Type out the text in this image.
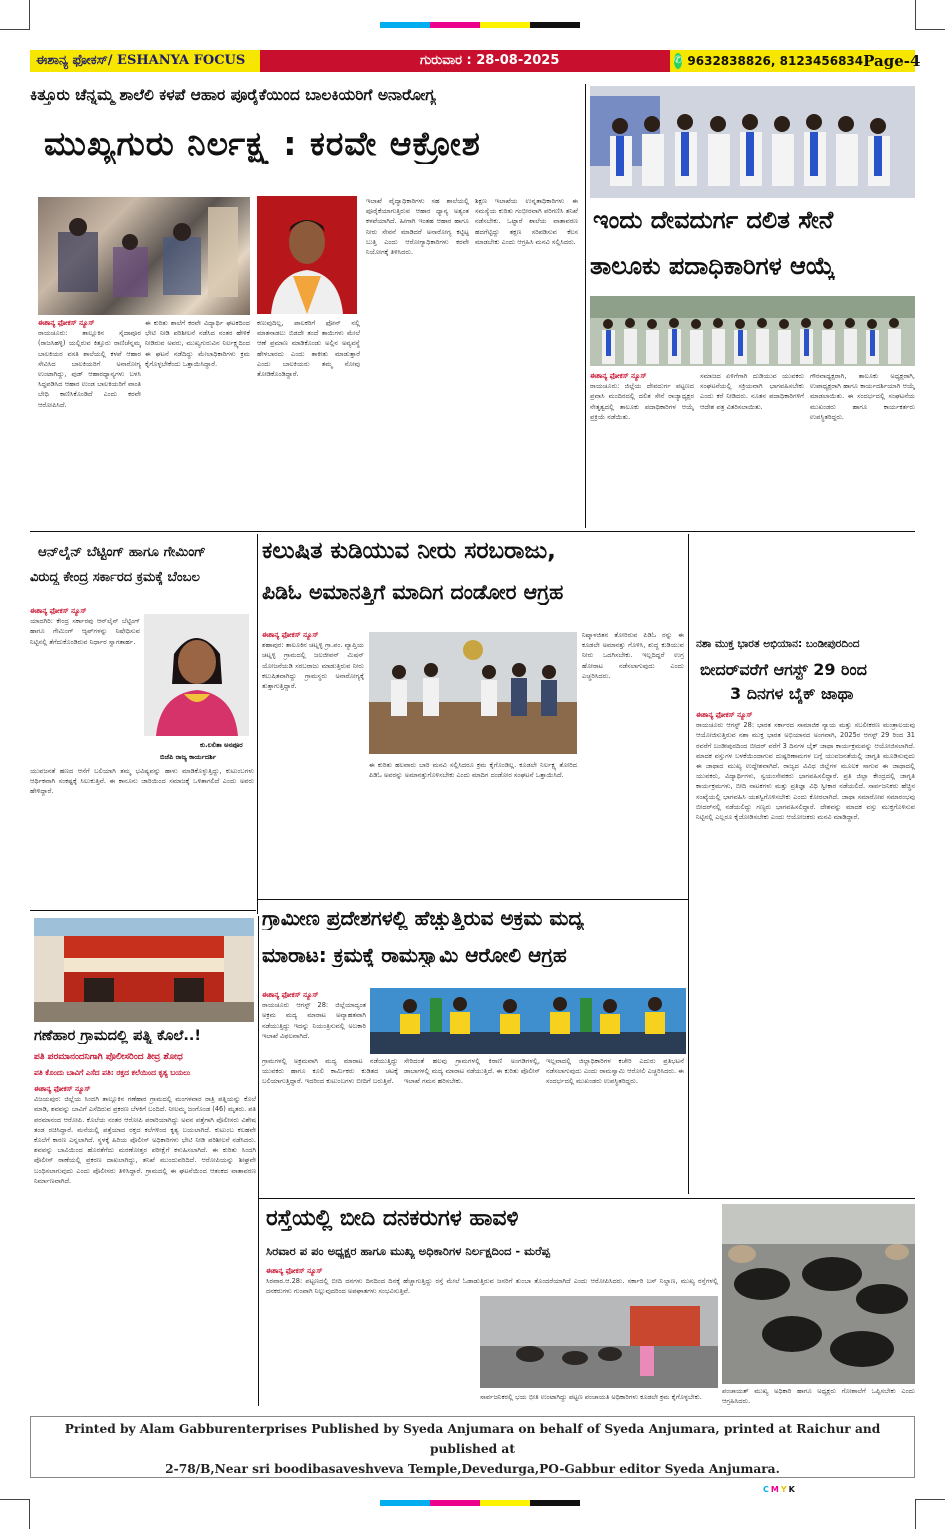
ಈಶಾನ್ಯ ಫೋಕಸ್/ ESHANYA FOCUS	ಗುರುವಾರ : 28-08-2025	✆ 9632838826, 8123456834 Page-4
ಕಿತ್ತೂರು ಚೆನ್ನಮ್ಮ ಶಾಲೆಲಿ ಕಳಪೆ ಆಹಾರ ಪೂರೈಕೆಯಿಂದ ಬಾಲಕಿಯರಿಗೆ ಅನಾರೋಗ್ಯ
ಮುಖ್ಯಗುರು ನಿರ್ಲಕ್ಷ್ಯ : ಕರವೇ ಆಕ್ರೋಶ
ಈಶಾನ್ಯ ಫೋಕಸ್ ನ್ಯೂಸ್
ರಾಯಚೂರು: ತಾಲ್ಲೂಕಿನ ಸೈದಾಪೂರ (ರಾಜಸಿಹಳ್ಳಿ) ಯಲ್ಲಿರುವ ಕಿತ್ತೂರು ರಾಣಿಚೆನ್ನಮ್ಮ ಬಾಲಕಿಯರ ವಸತಿ ಶಾಲೆಯಲ್ಲಿ ಕಳಪೆ ಆಹಾರ ಸೇವಿಸಿದ ಬಾಲಕಿಯರಿಗೆ ಅನಾರೋಗ್ಯ ಉಂಟಾಗಿದ್ದು, ಪುಡ್ ಆಹಾರಧ್ಯಾನ್ಯಗಳು ಬಳಸಿ ಸಿದ್ದಪಡಿಸಿದ ಆಹಾರ ಉಂಡ ಬಾಲಕಿಯರಿಗೆ ವಾಂತಿ ಬೇಧಿ ಕಾಣಿಸಿಕೊಂಡಿದೆ ಎಂದು ಕರವೇ ಆರೋಪಿಸಿದೆ.
ಈ ಕುರಿತು ಶಾಲೆಗೆ ಕರವೇ ವಿದ್ಯಾರ್ಥಿ ಘಟಕದಿಂದ ಭೇಟಿ ನೀಡಿ ಪರಿಶೀಲನೆ ನಡೆಸಿದ ನಂತರ ಹೇಳಿಕೆ ನೀಡಿರುವ ಅವರು, ಮುಖ್ಯಗುರುವಿನ ನಿರ್ಲಕ್ಷ್ಯದಿಂದ ಈ ಘಟನೆ ನಡೆದಿದ್ದು ಮೇಲಾಧಿಕಾರಿಗಳು ಕ್ರಮ ಕೈಗೊಳ್ಳಬೇಕೆಂದು ಒತ್ತಾಯಿಸಿದ್ದಾರೆ.
ಕಣುವುದಿಲ್ಲ, ಪಾಲಕರಿಗೆ ಫೋನ್ ನಲ್ಲಿ ಮಾತನಾಡಲು ಬಿಡದೇ ತಂದೆ ತಾಯಿಗಳು ಮೇಲೆ ಆಣೆ ಪ್ರಮಾಣ ಮಾಡಿಕೊಂಡು ಅಲ್ಲಿನ ಅವ್ಯವಸ್ಥೆ ಹೇಳಬಾರದು ಎಂದು ತಾಕೀತು ಮಾಡುತ್ತಾರೆ ಎಂದು ಬಾಲಕಿಯರು ತಮ್ಮ ನೋವು ತೋಡಿಕೊಂಡಿದ್ದಾರೆ.
ಇಲಾಖೆ ವೈದ್ಯಾಧಿಕಾರಿಗಳು ಸಹ ಶಾಲೆಯಲ್ಲಿ ಪೂರೈಕೆಯಾಗುತ್ತಿರುವ ಆಹಾರ ಧ್ಯಾನ್ಯ ಅತ್ಯಂತ ಕಳಪೆಯಾಗಿದೆ. ಹೀಗಾಗಿ ಇಂತಹ ಆಹಾರ ಹಾಗೂ ನೀರು ಸೇವನೆ ಮಾಡಿದರೆ ಅನಾರೋಗ್ಯ ಕಟ್ಟಿಟ್ಟ ಬುತ್ತಿ ಎಂದು ಆರೋಗ್ಯಾಧಿಕಾರಿಗಳು ಕರವೇ ನಿಯೋಗಕ್ಕೆ ತಿಳಿಸಿದರು.
ಶಿಕ್ಷಣ ಇಲಾಖೆಯ ಉನ್ನತಾಧಿಕಾರಿಗಳು ಈ ಸಮಸ್ಯೆಯ ಕುರಿತು ಗಂಭೀರವಾಗಿ ಪರಿಗಣಿಸಿ ತನಿಖೆ ನಡೆಸಬೇಕು. ಒಟ್ಟಾರೆ ಶಾಲೆಯ ವಾತಾವರಣ ಹದಗೆಟ್ಟಿದ್ದು ತಕ್ಷಣ ಸರಿಪಡಿಸುವ ಕೆಲಸ ಮಾಡಬೇಕು ಎಂದು ಆಗ್ರಹಿಸಿ ಮನವಿ ಸಲ್ಲಿಸಿದರು.
ಇಂದು ದೇವದುರ್ಗ ದಲಿತ ಸೇನೆ
ತಾಲೂಕು ಪದಾಧಿಕಾರಿಗಳ ಆಯ್ಕೆ
ಈಶಾನ್ಯ ಫೋಕಸ್ ನ್ಯೂಸ್
ರಾಯಚೂರು: ಜಿಲ್ಲೆಯ ದೇವದುರ್ಗ ಪಟ್ಟಣದ ಪ್ರವಾಸಿ ಮಂದಿರದಲ್ಲಿ ದಲಿತ ಸೇನೆ ರಾಜ್ಯಾಧ್ಯಕ್ಷರ ನೇತೃತ್ವದಲ್ಲಿ ತಾಲೂಕು ಪದಾಧಿಕಾರಿಗಳ ಆಯ್ಕೆ ಪ್ರಕ್ರಿಯೆ ನಡೆಯಿತು.
ಸಮಾಜದ ಏಳಿಗೆಗಾಗಿ ದುಡಿಯುವ ಯುವಕರು ಸಂಘಟನೆಯಲ್ಲಿ ಸಕ್ರಿಯವಾಗಿ ಭಾಗವಹಿಸಬೇಕು ಎಂದು ಕರೆ ನೀಡಿದರು. ನೂತನ ಪದಾಧಿಕಾರಿಗಳಿಗೆ ಆದೇಶ ಪತ್ರ ವಿತರಿಸಲಾಯಿತು.
ಗೌರವಾಧ್ಯಕ್ಷರಾಗಿ, ತಾಲೂಕು ಅಧ್ಯಕ್ಷರಾಗಿ, ಉಪಾಧ್ಯಕ್ಷರಾಗಿ ಹಾಗೂ ಕಾರ್ಯದರ್ಶಿಯಾಗಿ ಆಯ್ಕೆ ಮಾಡಲಾಯಿತು. ಈ ಸಂದರ್ಭದಲ್ಲಿ ಸಂಘಟನೆಯ ಮುಖಂಡರು ಹಾಗೂ ಕಾರ್ಯಕರ್ತರು ಉಪಸ್ಥಿತರಿದ್ದರು.
ಆನ್‌ಲೈನ್ ಬೆಟ್ಟಿಂಗ್ ಹಾಗೂ ಗೇಮಿಂಗ್
ವಿರುದ್ಧ ಕೇಂದ್ರ ಸರ್ಕಾರದ ಕ್ರಮಕ್ಕೆ ಬೆಂಬಲ
ಈಶಾನ್ಯ ಫೋಕಸ್ ನ್ಯೂಸ್
ಯಾದಗಿರಿ: ಕೇಂದ್ರ ಸರ್ಕಾರವು ಆನ್‌ಲೈನ್ ಬೆಟ್ಟಿಂಗ್ ಹಾಗೂ ಗೇಮಿಂಗ್ ಆ್ಯಪ್‌ಗಳನ್ನು ನಿಷೇಧಿಸುವ ನಿಟ್ಟಿನಲ್ಲಿ ತೆಗೆದುಕೊಂಡಿರುವ ನಿರ್ಧಾರ ಸ್ವಾಗತಾರ್ಹ.
ಕು.ಲಲಿತಾ ಅನಪೂರ
ಬಿಜೆಪಿ ರಾಜ್ಯ ಕಾರ್ಯದರ್ಶಿ
ಯುವಜನತೆ ಹಣದ ಆಸೆಗೆ ಬಲಿಯಾಗಿ ತಮ್ಮ ಭವಿಷ್ಯವನ್ನು ಹಾಳು ಮಾಡಿಕೊಳ್ಳುತ್ತಿದ್ದು, ಕುಟುಂಬಗಳು ಆರ್ಥಿಕವಾಗಿ ಸಂಕಷ್ಟಕ್ಕೆ ಸಿಲುಕುತ್ತಿವೆ. ಈ ಕಾನೂನು ಜಾರಿಯಿಂದ ಸಮಾಜಕ್ಕೆ ಒಳಿತಾಗಲಿದೆ ಎಂದು ಅವರು ಹೇಳಿದ್ದಾರೆ.
ಕಲುಷಿತ ಕುಡಿಯುವ ನೀರು ಸರಬರಾಜು,
ಪಿಡಿಓ ಅಮಾನತ್ತಿಗೆ ಮಾದಿಗ ದಂಡೋರ ಆಗ್ರಹ
ಈಶಾನ್ಯ ಫೋಕಸ್ ನ್ಯೂಸ್
ಶಹಾಪುರ: ತಾಲೂಕಿನ ಚಟ್ನಳ್ಳಿ ಗ್ರಾ.ಪಂ. ವ್ಯಾಪ್ತಿಯ ಚಟ್ನಳ್ಳಿ ಗ್ರಾಮದಲ್ಲಿ ಜಲಜೀವನ್ ಮಿಷನ್ ಯೋಜನೆಯಡಿ ಸರಬರಾಜು ಮಾಡುತ್ತಿರುವ ನೀರು ಕಲುಷಿತವಾಗಿದ್ದು ಗ್ರಾಮಸ್ಥರು ಅನಾರೋಗ್ಯಕ್ಕೆ ತುತ್ತಾಗುತ್ತಿದ್ದಾರೆ.
ಈ ಕುರಿತು ಹಲವಾರು ಬಾರಿ ಮನವಿ ಸಲ್ಲಿಸಿದರೂ ಕ್ರಮ ಕೈಗೊಂಡಿಲ್ಲ. ಕೂಡಲೇ ನಿರ್ಲಕ್ಷ್ಯ ತೋರಿದ ಪಿಡಿಓ ಅವರನ್ನು ಅಮಾನತ್ತುಗೊಳಿಸಬೇಕು ಎಂದು ಮಾದಿಗ ದಂಡೋರ ಸಂಘಟನೆ ಒತ್ತಾಯಿಸಿದೆ.
ನಿಷ್ಕಾಳಜಿತನ ತೋರಿರುವ ಪಿಡಿಓ ರನ್ನು ಈ ಕೂಡಲೇ ಅಮಾನತ್ತು ಗೊಳಿಸಿ, ಶುದ್ಧ ಕುಡಿಯುವ ನೀರು ಒದಗಿಸಬೇಕು. ಇಲ್ಲದಿದ್ದರೆ ಉಗ್ರ ಹೋರಾಟ ನಡೆಸಲಾಗುವುದು ಎಂದು ಎಚ್ಚರಿಸಿದರು.
ನಶಾ ಮುಕ್ತ ಭಾರತ ಅಭಿಯಾನ: ಬಂಡೀಪುರದಿಂದ
ಬೀದರ್‌ವರೆಗೆ ಆಗಸ್ಟ್ 29 ರಿಂದ
3 ದಿನಗಳ ಬೈಕ್ ಜಾಥಾ
ಈಶಾನ್ಯ ಫೋಕಸ್ ನ್ಯೂಸ್
ರಾಯಚೂರು ಆಗಸ್ಟ್ 28: ಭಾರತ ಸರ್ಕಾರದ ಸಾಮಾಜಿಕ ನ್ಯಾಯ ಮತ್ತು ಸಬಲೀಕರಣ ಮಂತ್ರಾಲಯವು ಆಯೋಜಿಸುತ್ತಿರುವ ನಶಾ ಮುಕ್ತ ಭಾರತ ಅಭಿಯಾನದ ಅಂಗವಾಗಿ, 2025ರ ಆಗಸ್ಟ್ 29 ರಿಂದ 31 ರವರೆಗೆ ಬಂಡೀಪುರದಿಂದ ಬೀದರ್ ವರೆಗೆ 3 ದಿನಗಳ ಬೈಕ್ ಜಾಥಾ ಕಾರ್ಯಕ್ರಮವನ್ನು ಆಯೋಜಿಸಲಾಗಿದೆ. ಮಾದಕ ವಸ್ತುಗಳ ಬಳಕೆಯಿಂದಾಗುವ ದುಷ್ಪರಿಣಾಮಗಳ ಬಗ್ಗೆ ಯುವಜನತೆಯಲ್ಲಿ ಜಾಗೃತಿ ಮೂಡಿಸುವುದು ಈ ಜಾಥಾದ ಮುಖ್ಯ ಉದ್ದೇಶವಾಗಿದೆ. ರಾಜ್ಯದ ವಿವಿಧ ಜಿಲ್ಲೆಗಳ ಮೂಲಕ ಸಾಗುವ ಈ ಜಾಥಾದಲ್ಲಿ ಯುವಕರು, ವಿದ್ಯಾರ್ಥಿಗಳು, ಸ್ವಯಂಸೇವಕರು ಭಾಗವಹಿಸಲಿದ್ದಾರೆ. ಪ್ರತಿ ಜಿಲ್ಲಾ ಕೇಂದ್ರದಲ್ಲಿ ಜಾಗೃತಿ ಕಾರ್ಯಕ್ರಮಗಳು, ಬೀದಿ ನಾಟಕಗಳು ಮತ್ತು ಪ್ರತಿಜ್ಞಾ ವಿಧಿ ಸ್ವೀಕಾರ ನಡೆಯಲಿದೆ. ಸಾರ್ವಜನಿಕರು ಹೆಚ್ಚಿನ ಸಂಖ್ಯೆಯಲ್ಲಿ ಭಾಗವಹಿಸಿ ಯಶಸ್ವಿಗೊಳಿಸಬೇಕು ಎಂದು ಕೋರಲಾಗಿದೆ. ಜಾಥಾ ಸಮಾರೋಪ ಸಮಾರಂಭವು ಬೀದರ್‌ನಲ್ಲಿ ನಡೆಯಲಿದ್ದು ಗಣ್ಯರು ಭಾಗವಹಿಸಲಿದ್ದಾರೆ. ದೇಶವನ್ನು ಮಾದಕ ವಸ್ತು ಮುಕ್ತಗೊಳಿಸುವ ನಿಟ್ಟಿನಲ್ಲಿ ಎಲ್ಲರೂ ಕೈಜೋಡಿಸಬೇಕು ಎಂದು ಆಯೋಜಕರು ಮನವಿ ಮಾಡಿದ್ದಾರೆ.
ಗ್ರಾಮೀಣ ಪ್ರದೇಶಗಳಲ್ಲಿ ಹೆಚ್ಚುತ್ತಿರುವ ಅಕ್ರಮ ಮದ್ಯ
ಮಾರಾಟ: ಕ್ರಮಕ್ಕೆ ರಾಮಸ್ವಾಮಿ ಆರೋಲಿ ಆಗ್ರಹ
ಈಶಾನ್ಯ ಫೋಕಸ್ ನ್ಯೂಸ್
ರಾಯಚೂರು ಆಗಸ್ಟ್ 28: ಜಿಲ್ಲೆಯಾದ್ಯಂತ ಅಕ್ರಮ ಮದ್ಯ ಮಾರಾಟ ಅವ್ಯಾಹತವಾಗಿ ನಡೆಯುತ್ತಿದ್ದು ಇದನ್ನು ನಿಯಂತ್ರಿಸುವಲ್ಲಿ ಅಬಕಾರಿ ಇಲಾಖೆ ವಿಫಲವಾಗಿದೆ.
ಗ್ರಾಮಗಳಲ್ಲಿ ಅಕ್ರಮವಾಗಿ ಮದ್ಯ ಮಾರಾಟ ನಡೆಯುತ್ತಿದ್ದು ಯುವಕರು ಹಾಗೂ ಕೂಲಿ ಕಾರ್ಮಿಕರು ಕುಡಿತದ ಚಟಕ್ಕೆ ಬಲಿಯಾಗುತ್ತಿದ್ದಾರೆ. ಇದರಿಂದ ಕುಟುಂಬಗಳು ಬೀದಿಗೆ ಬರುತ್ತಿವೆ.
ಸೇರಿದಂತೆ ಹಲವು ಗ್ರಾಮಗಳಲ್ಲಿ ಕಿರಾಣಿ ಅಂಗಡಿಗಳಲ್ಲಿ, ಡಾಬಾಗಳಲ್ಲಿ ಮದ್ಯ ಮಾರಾಟ ನಡೆಯುತ್ತಿದೆ. ಈ ಕುರಿತು ಪೊಲೀಸ್ ಇಲಾಖೆ ಗಮನ ಹರಿಸಬೇಕು.
ಇಲ್ಲವಾದಲ್ಲಿ ಜಿಲ್ಲಾಧಿಕಾರಿಗಳ ಕಚೇರಿ ಎದುರು ಪ್ರತಿಭಟನೆ ನಡೆಸಲಾಗುವುದು ಎಂದು ರಾಮಸ್ವಾಮಿ ಆರೋಲಿ ಎಚ್ಚರಿಸಿದರು. ಈ ಸಂದರ್ಭದಲ್ಲಿ ಮುಖಂಡರು ಉಪಸ್ಥಿತರಿದ್ದರು.
ಗಣೆಹಾರ ಗ್ರಾಮದಲ್ಲಿ ಪತ್ನಿ ಕೊಲೆ..!
ಪತಿ ಪರಮಾನಂದನಿಗಾಗಿ ಪೊಲೀಸರಿಂದ ತೀವ್ರ ಶೋಧ
ಪತಿ ಕೊಂದು ಬಾವಿಗೆ ಎಸೆದ ಪತಿ: ರಕ್ತದ ಕಲೆಯಿಂದ ಕೃತ್ಯ ಬಯಲು
ಈಶಾನ್ಯ ಫೋಕಸ್ ನ್ಯೂಸ್
ವಿಜಯಪುರ: ಜಿಲ್ಲೆಯ ಸಿಂದಗಿ ತಾಲ್ಲೂಕಿನ ಗಣೆಹಾರ ಗ್ರಾಮದಲ್ಲಿ ಮಂಗಳವಾರ ರಾತ್ರಿ ಪತ್ನಿಯನ್ನು ಕೊಲೆ ಮಾಡಿ, ಶವವನ್ನು ಬಾವಿಗೆ ಎಸೆದಿರುವ ಪ್ರಕರಣ ಬೆಳಕಿಗೆ ಬಂದಿದೆ. ನೀಲಮ್ಮ ಜಂಗೊಂಡ (46) ಮೃತರು. ಪತಿ ಪರಮಾನಂದ ಆರೋಪಿ. ಕೊಲೆಯ ನಂತರ ಆರೋಪಿ ಪರಾರಿಯಾಗಿದ್ದು ಅವನ ಪತ್ತೆಗಾಗಿ ಪೊಲೀಸರು ವಿಶೇಷ ತಂಡ ರಚಿಸಿದ್ದಾರೆ. ಮನೆಯಲ್ಲಿ ಪತ್ತೆಯಾದ ರಕ್ತದ ಕಲೆಗಳಿಂದ ಕೃತ್ಯ ಬಯಲಾಗಿದೆ. ಕುಟುಂಬ ಕಲಹವೇ ಕೊಲೆಗೆ ಕಾರಣ ಎನ್ನಲಾಗಿದೆ. ಸ್ಥಳಕ್ಕೆ ಹಿರಿಯ ಪೊಲೀಸ್ ಅಧಿಕಾರಿಗಳು ಭೇಟಿ ನೀಡಿ ಪರಿಶೀಲನೆ ನಡೆಸಿದರು. ಶವವನ್ನು ಬಾವಿಯಿಂದ ಹೊರತೆಗೆದು ಮರಣೋತ್ತರ ಪರೀಕ್ಷೆಗೆ ಕಳುಹಿಸಲಾಗಿದೆ. ಈ ಕುರಿತು ಸಿಂದಗಿ ಪೊಲೀಸ್ ಠಾಣೆಯಲ್ಲಿ ಪ್ರಕರಣ ದಾಖಲಾಗಿದ್ದು, ತನಿಖೆ ಮುಂದುವರಿದಿದೆ. ಆರೋಪಿಯನ್ನು ಶೀಘ್ರವೇ ಬಂಧಿಸಲಾಗುವುದು ಎಂದು ಪೊಲೀಸರು ತಿಳಿಸಿದ್ದಾರೆ. ಗ್ರಾಮದಲ್ಲಿ ಈ ಘಟನೆಯಿಂದ ಆತಂಕದ ವಾತಾವರಣ ನಿರ್ಮಾಣವಾಗಿದೆ.
ರಸ್ತೆಯಲ್ಲಿ ಬೀದಿ ದನಕರುಗಳ ಹಾವಳಿ
ಸಿರವಾರ ಪ ಪಂ ಅಧ್ಯಕ್ಷರ ಹಾಗೂ ಮುಖ್ಯ ಅಧಿಕಾರಿಗಳ ನಿರ್ಲಕ್ಷದಿಂದ - ಮರೆಪ್ಪ
ಈಶಾನ್ಯ ಫೋಕಸ್ ನ್ಯೂಸ್
ಸಿರವಾರ.ಆ.28: ಪಟ್ಟಣದಲ್ಲಿ ಬೀದಿ ದನಗಳು ದಿನದಿಂದ ದಿನಕ್ಕೆ ಹೆಚ್ಚಾಗುತ್ತಿದ್ದು ರಸ್ತೆ ಮೇಲೆ ಓಡಾಡುತ್ತಿರುವ ಜನರಿಗೆ ತುಂಬಾ ತೊಂದರೆಯಾಗಿದೆ ಎಂದು ಆರೋಪಿಸಿದರು. ಸರ್ಕಾರಿ ಬಸ್ ನಿಲ್ದಾಣ, ಮುಖ್ಯ ರಸ್ತೆಗಳಲ್ಲಿ ದನಕರುಗಳು ಗುಂಪಾಗಿ ನಿಲ್ಲುವುದರಿಂದ ಅಪಘಾತಗಳು ಸಂಭವಿಸುತ್ತಿವೆ.
ಸಾರ್ವಜನಿಕರಲ್ಲಿ ಭಯ ಭೀತಿ ಉಂಟಾಗಿದ್ದು ಪಟ್ಟಣ ಪಂಚಾಯತಿ ಅಧಿಕಾರಿಗಳು ಕೂಡಲೇ ಕ್ರಮ ಕೈಗೊಳ್ಳಬೇಕು.
ಪಂಚಾಯತ್ ಮುಖ್ಯ ಅಧಿಕಾರಿ ಹಾಗೂ ಅಧ್ಯಕ್ಷರು ಗೋಶಾಲೆಗೆ ಒಪ್ಪಿಸಬೇಕು ಎಂದು ಆಗ್ರಹಿಸಿದರು.
Printed by Alam Gabburenterprises Published by Syeda Anjumara on behalf of Syeda Anjumara, printed at Raichur and published at
2-78/B,Near sri boodibasaveshveva Temple,Devedurga,PO-Gabbur editor Syeda Anjumara.
C M Y K
